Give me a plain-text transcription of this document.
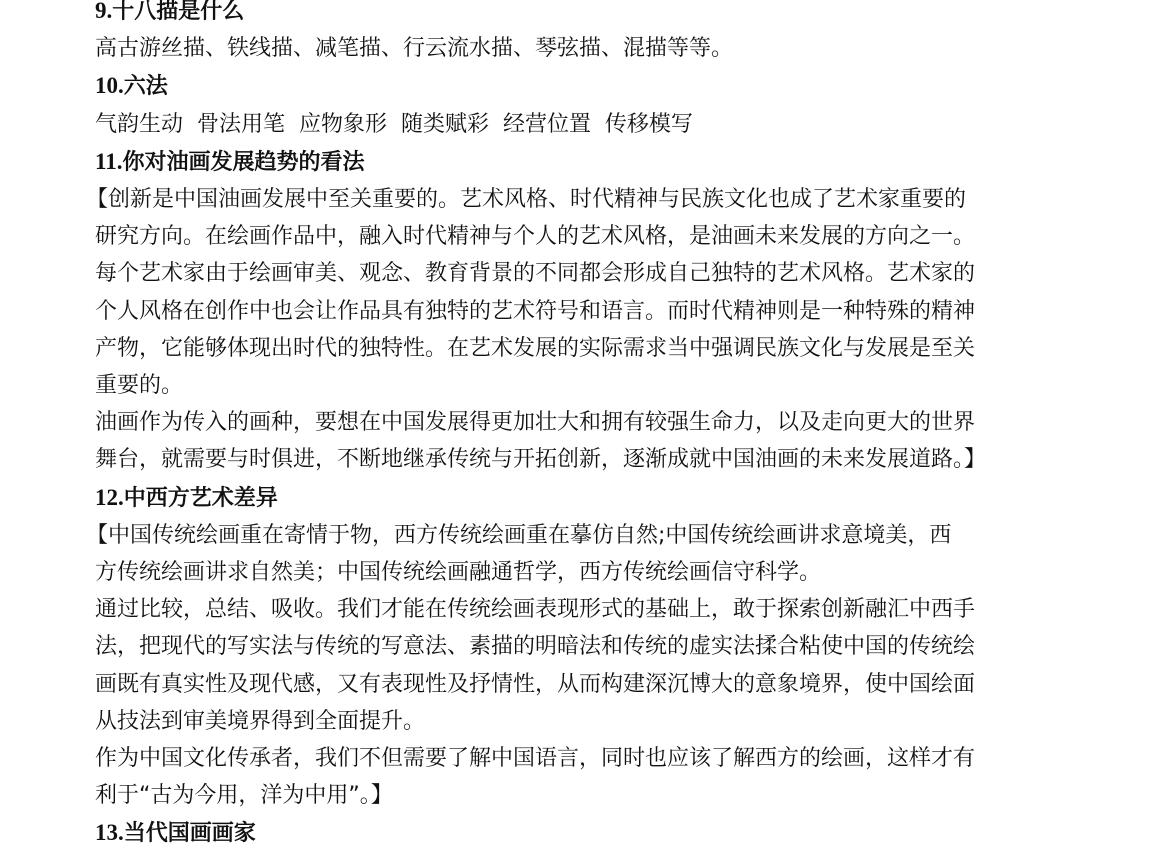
9.十八描是什么

高古游丝描、铁线描、减笔描、行云流水描、琴弦描、混描等等。

10.六法

气韵生动  骨法用笔  应物象形  随类赋彩  经营位置  传移模写

11.你对油画发展趋势的看法

【创新是中国油画发展中至关重要的。艺术风格、时代精神与民族文化也成了艺术家重要的

研究方向。在绘画作品中，融入时代精神与个人的艺术风格，是油画未来发展的方向之一。

每个艺术家由于绘画审美、观念、教育背景的不同都会形成自己独特的艺术风格。艺术家的

个人风格在创作中也会让作品具有独特的艺术符号和语言。而时代精神则是一种特殊的精神

产物，它能够体现出时代的独特性。在艺术发展的实际需求当中强调民族文化与发展是至关

重要的。

油画作为传入的画种，要想在中国发展得更加壮大和拥有较强生命力，以及走向更大的世界

舞台，就需要与时俱进，不断地继承传统与开拓创新，逐渐成就中国油画的未来发展道路。】

12.中西方艺术差异

【中国传统绘画重在寄情于物，西方传统绘画重在摹仿自然;中国传统绘画讲求意境美，西

方传统绘画讲求自然美；中国传统绘画融通哲学，西方传统绘画信守科学。

通过比较，总结、吸收。我们才能在传统绘画表现形式的基础上，敢于探索创新融汇中西手

法，把现代的写实法与传统的写意法、素描的明暗法和传统的虚实法揉合粘使中国的传统绘

画既有真实性及现代感，又有表现性及抒情性，从而构建深沉博大的意象境界，使中国绘面

从技法到审美境界得到全面提升。

作为中国文化传承者，我们不但需要了解中国语言，同时也应该了解西方的绘画，这样才有

利于“古为今用，洋为中用”。】

13.当代国画画家
